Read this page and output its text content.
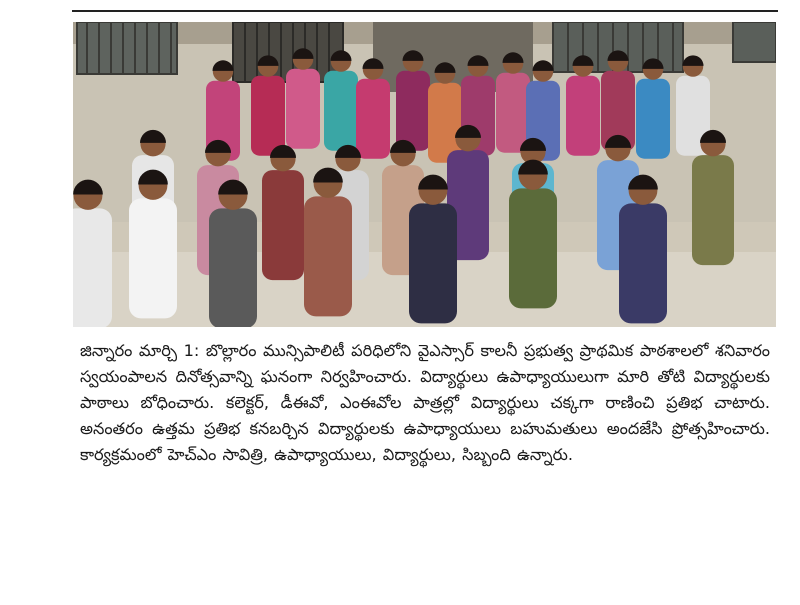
జిన్నారం మార్చి 1: బొల్లారం మున్సిపాలిటీ పరిధిలోని వైఎస్సార్ కాలనీ ప్రభుత్వ ప్రాథమిక పాఠశాలలో శనివారం స్వయంపాలన దినోత్సవాన్ని ఘనంగా నిర్వహించారు. విద్యార్థులు ఉపాధ్యాయులుగా మారి తోటి విద్యార్థులకు పాఠాలు బోధించారు. కలెక్టర్, డీఈవో, ఎంఈవోల పాత్రల్లో విద్యార్థులు చక్కగా రాణించి ప్రతిభ చాటారు. అనంతరం ఉత్తమ ప్రతిభ కనబర్చిన విద్యార్థులకు ఉపాధ్యాయులు బహుమతులు అందజేసి ప్రోత్సహించారు. కార్యక్రమంలో హెచ్ఎం సావిత్రి, ఉపాధ్యాయులు, విద్యార్థులు, సిబ్బంది ఉన్నారు.
